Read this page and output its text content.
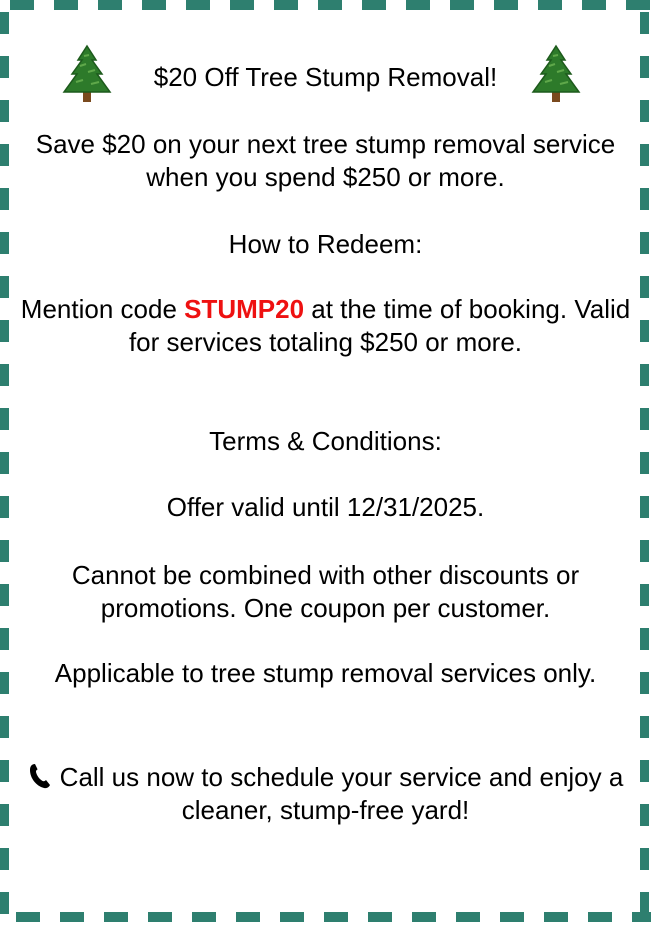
$20 Off Tree Stump Removal!

Save $20 on your next tree stump removal service when you spend $250 or more.

How to Redeem:

Mention code STUMP20 at the time of booking. Valid for services totaling $250 or more.

Terms & Conditions:

Offer valid until 12/31/2025.

Cannot be combined with other discounts or promotions. One coupon per customer.

Applicable to tree stump removal services only.

Call us now to schedule your service and enjoy a cleaner, stump-free yard!
